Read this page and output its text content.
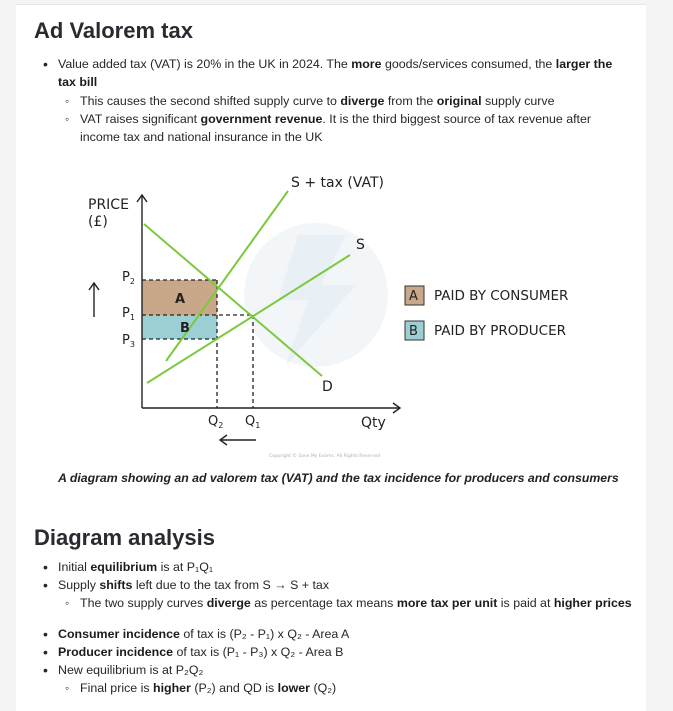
Ad Valorem tax
• Value added tax (VAT) is 20% in the UK in 2024. The more goods/services consumed, the larger the
tax bill
◦ This causes the second shifted supply curve to diverge from the original supply curve
◦ VAT raises significant government revenue. It is the third biggest source of tax revenue after
income tax and national insurance in the UK
PRICE
(£)
Qty
S + tax (VAT)
S
D
$P_2$
$P_1$
$P_3$
$Q_2$ $Q_1$
A
B
A PAID BY CONSUMER
B PAID BY PRODUCER
Copyright © Save My Exams. All Rights Reserved
A diagram showing an ad valorem tax (VAT) and the tax incidence for producers and consumers
Diagram analysis
• Initial equilibrium is at P₁Q₁
• Supply shifts left due to the tax from S → S + tax
◦ The two supply curves diverge as percentage tax means more tax per unit is paid at higher prices
• Consumer incidence of tax is (P₂ - P₁) x Q₂ - Area A
• Producer incidence of tax is (P₁ - P₃) x Q₂ - Area B
• New equilibrium is at P₂Q₂
◦ Final price is higher (P₂) and QD is lower (Q₂)
